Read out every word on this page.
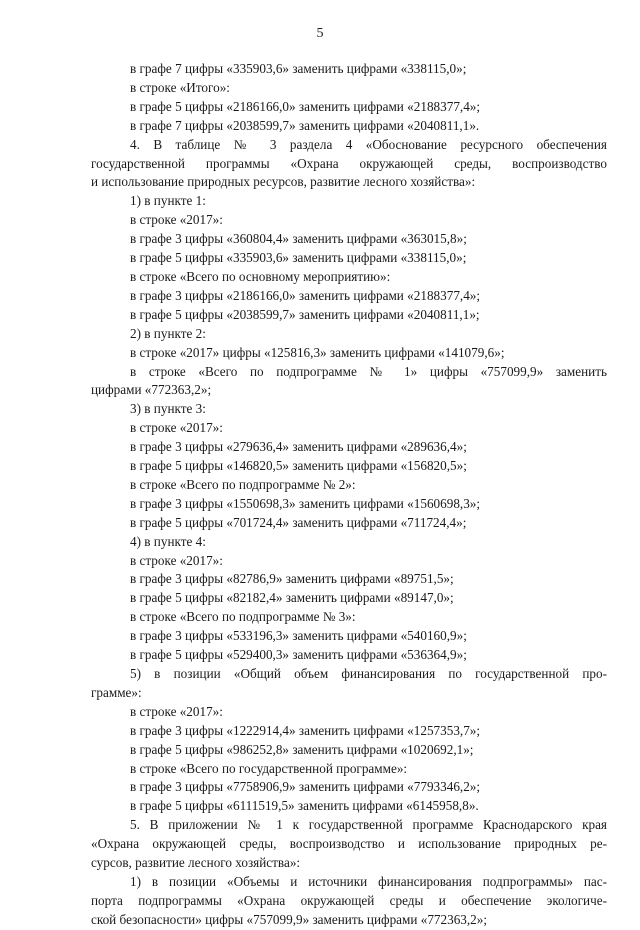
5
в графе 7 цифры «335903,6» заменить цифрами «338115,0»;
в строке «Итого»:
в графе 5 цифры «2186166,0» заменить цифрами «2188377,4»;
в графе 7 цифры «2038599,7» заменить цифрами «2040811,1».
4. В таблице № 3 раздела 4 «Обоснование ресурсного обеспечения
государственной программы «Охрана окружающей среды, воспроизводство
и использование природных ресурсов, развитие лесного хозяйства»:
1) в пункте 1:
в строке «2017»:
в графе 3 цифры «360804,4» заменить цифрами «363015,8»;
в графе 5 цифры «335903,6» заменить цифрами «338115,0»;
в строке «Всего по основному мероприятию»:
в графе 3 цифры «2186166,0» заменить цифрами «2188377,4»;
в графе 5 цифры «2038599,7» заменить цифрами «2040811,1»;
2) в пункте 2:
в строке «2017» цифры «125816,3» заменить цифрами «141079,6»;
в строке «Всего по подпрограмме № 1» цифры «757099,9» заменить
цифрами «772363,2»;
3) в пункте 3:
в строке «2017»:
в графе 3 цифры «279636,4» заменить цифрами «289636,4»;
в графе 5 цифры «146820,5» заменить цифрами «156820,5»;
в строке «Всего по подпрограмме № 2»:
в графе 3 цифры «1550698,3» заменить цифрами «1560698,3»;
в графе 5 цифры «701724,4» заменить цифрами «711724,4»;
4) в пункте 4:
в строке «2017»:
в графе 3 цифры «82786,9» заменить цифрами «89751,5»;
в графе 5 цифры «82182,4» заменить цифрами «89147,0»;
в строке «Всего по подпрограмме № 3»:
в графе 3 цифры «533196,3» заменить цифрами «540160,9»;
в графе 5 цифры «529400,3» заменить цифрами «536364,9»;
5) в позиции «Общий объем финансирования по государственной про-
грамме»:
в строке «2017»:
в графе 3 цифры «1222914,4» заменить цифрами «1257353,7»;
в графе 5 цифры «986252,8» заменить цифрами «1020692,1»;
в строке «Всего по государственной программе»:
в графе 3 цифры «7758906,9» заменить цифрами «7793346,2»;
в графе 5 цифры «6111519,5» заменить цифрами «6145958,8».
5. В приложении № 1 к государственной программе Краснодарского края
«Охрана окружающей среды, воспроизводство и использование природных ре-
сурсов, развитие лесного хозяйства»:
1) в позиции «Объемы и источники финансирования подпрограммы» пас-
порта подпрограммы «Охрана окружающей среды и обеспечение экологиче-
ской безопасности» цифры «757099,9» заменить цифрами «772363,2»;
